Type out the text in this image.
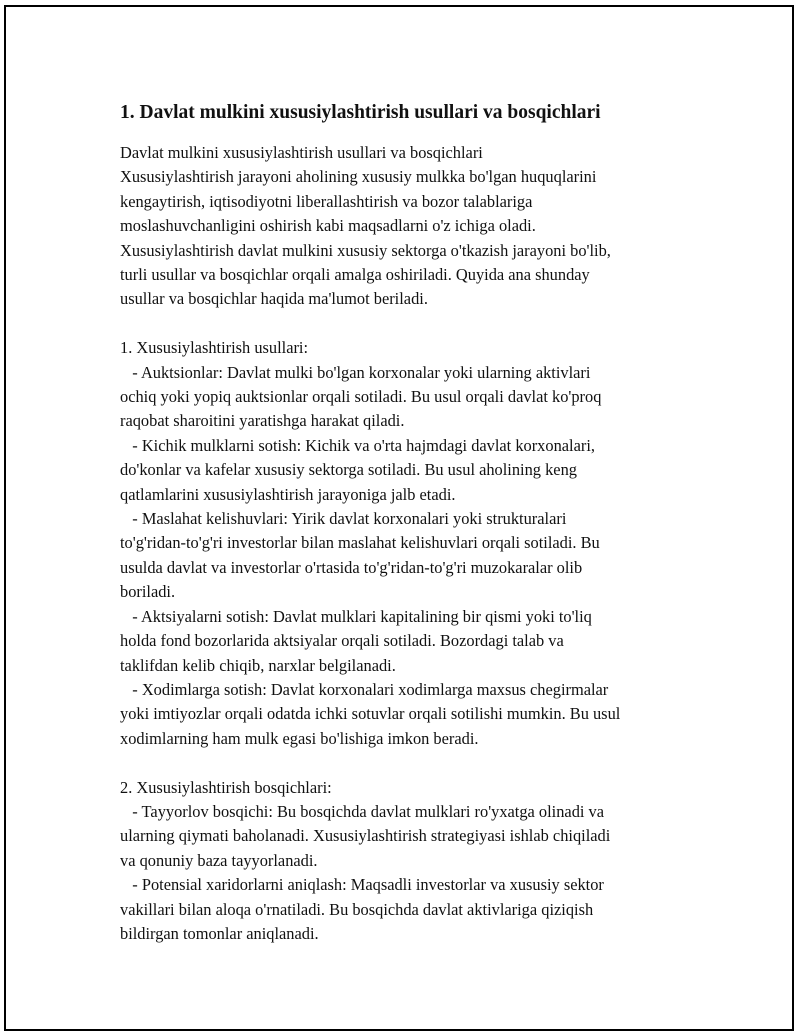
1. Davlat mulkini xususiylashtirish usullari va bosqichlari

Davlat mulkini xususiylashtirish usullari va bosqichlari
Xususiylashtirish jarayoni aholining xususiy mulkka bo'lgan huquqlarini
kengaytirish, iqtisodiyotni liberallashtirish va bozor talablariga
moslashuvchanligini oshirish kabi maqsadlarni o'z ichiga oladi.
Xususiylashtirish davlat mulkini xususiy sektorga o'tkazish jarayoni bo'lib,
turli usullar va bosqichlar orqali amalga oshiriladi. Quyida ana shunday
usullar va bosqichlar haqida ma'lumot beriladi.

1. Xususiylashtirish usullari:
- Auktsionlar: Davlat mulki bo'lgan korxonalar yoki ularning aktivlari
ochiq yoki yopiq auktsionlar orqali sotiladi. Bu usul orqali davlat ko'proq
raqobat sharoitini yaratishga harakat qiladi.
- Kichik mulklarni sotish: Kichik va o'rta hajmdagi davlat korxonalari,
do'konlar va kafelar xususiy sektorga sotiladi. Bu usul aholining keng
qatlamlarini xususiylashtirish jarayoniga jalb etadi.
- Maslahat kelishuvlari: Yirik davlat korxonalari yoki strukturalari
to'g'ridan-to'g'ri investorlar bilan maslahat kelishuvlari orqali sotiladi. Bu
usulda davlat va investorlar o'rtasida to'g'ridan-to'g'ri muzokaralar olib
boriladi.
- Aktsiyalarni sotish: Davlat mulklari kapitalining bir qismi yoki to'liq
holda fond bozorlarida aktsiyalar orqali sotiladi. Bozordagi talab va
taklifdan kelib chiqib, narxlar belgilanadi.
- Xodimlarga sotish: Davlat korxonalari xodimlarga maxsus chegirmalar
yoki imtiyozlar orqali odatda ichki sotuvlar orqali sotilishi mumkin. Bu usul
xodimlarning ham mulk egasi bo'lishiga imkon beradi.

2. Xususiylashtirish bosqichlari:
- Tayyorlov bosqichi: Bu bosqichda davlat mulklari ro'yxatga olinadi va
ularning qiymati baholanadi. Xususiylashtirish strategiyasi ishlab chiqiladi
va qonuniy baza tayyorlanadi.
- Potensial xaridorlarni aniqlash: Maqsadli investorlar va xususiy sektor
vakillari bilan aloqa o'rnatiladi. Bu bosqichda davlat aktivlariga qiziqish
bildirgan tomonlar aniqlanadi.
